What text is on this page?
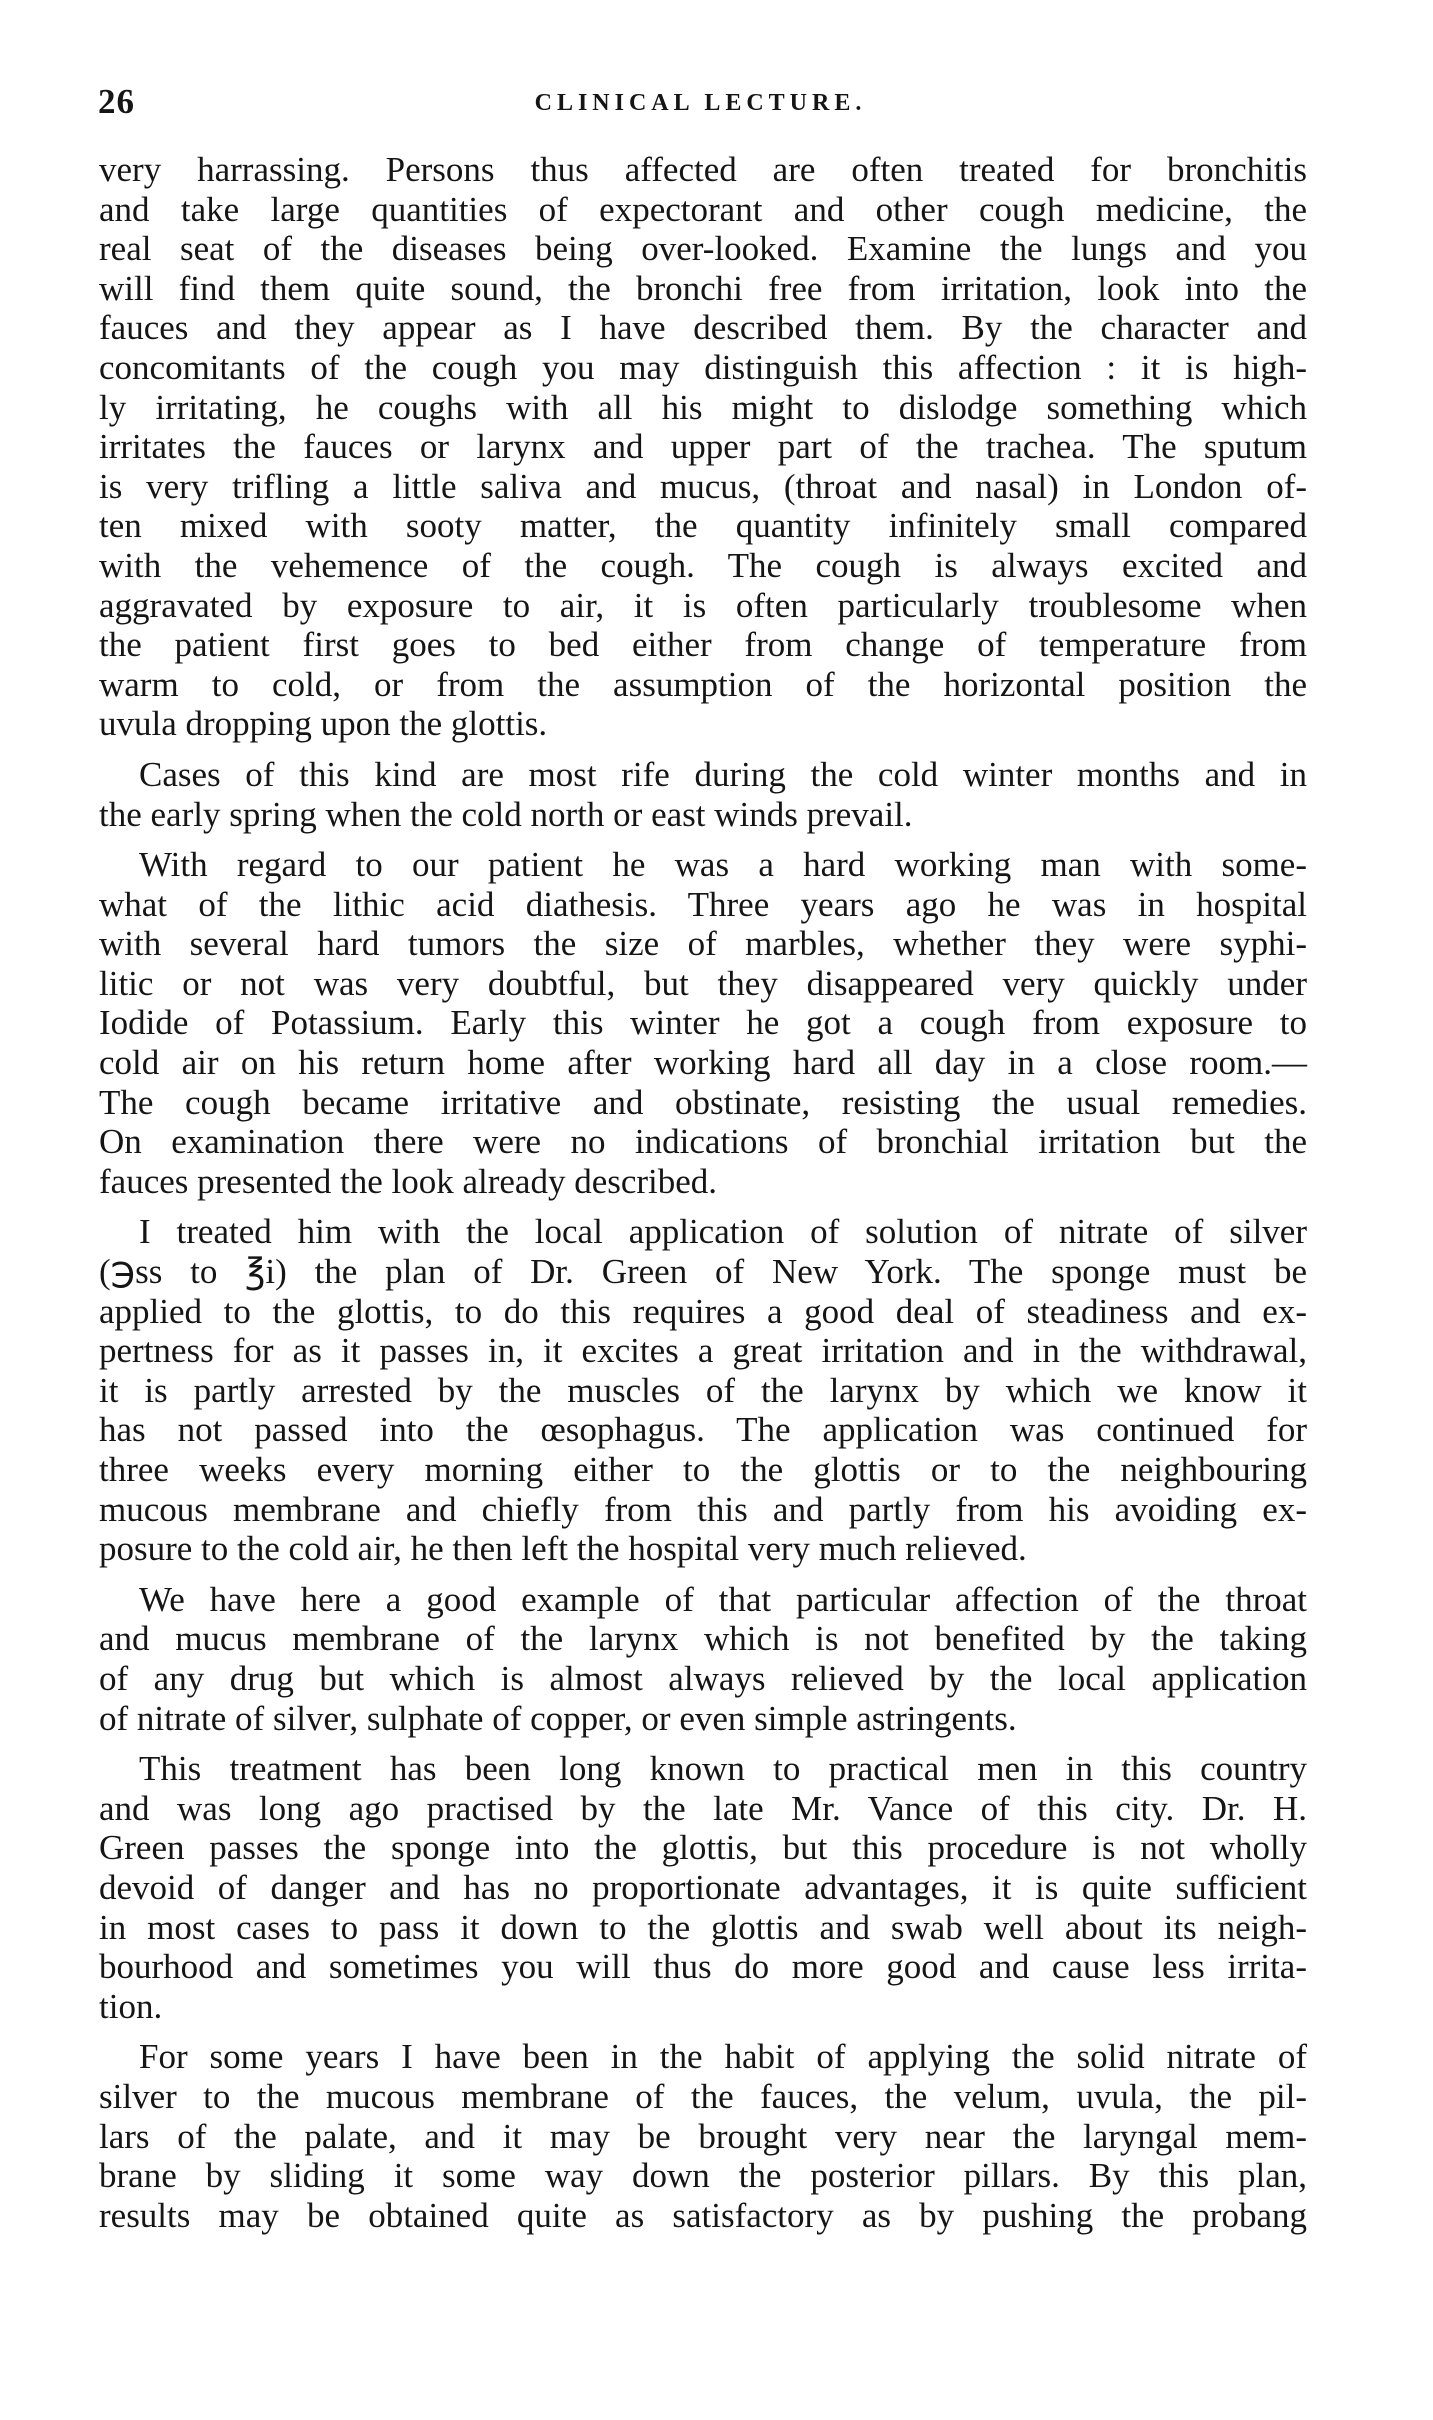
26	CLINICAL LECTURE.

very harrassing. Persons thus affected are often treated for bronchitis
and take large quantities of expectorant and other cough medicine, the
real seat of the diseases being over-looked. Examine the lungs and you
will find them quite sound, the bronchi free from irritation, look into the
fauces and they appear as I have described them. By the character and
concomitants of the cough you may distinguish this affection : it is high-
ly irritating, he coughs with all his might to dislodge something which
irritates the fauces or larynx and upper part of the trachea. The sputum
is very trifling a little saliva and mucus, (throat and nasal) in London of-
ten mixed with sooty matter, the quantity infinitely small compared
with the vehemence of the cough. The cough is always excited and
aggravated by exposure to air, it is often particularly troublesome when
the patient first goes to bed either from change of temperature from
warm to cold, or from the assumption of the horizontal position the
uvula dropping upon the glottis.

Cases of this kind are most rife during the cold winter months and in
the early spring when the cold north or east winds prevail.

With regard to our patient he was a hard working man with some-
what of the lithic acid diathesis. Three years ago he was in hospital
with several hard tumors the size of marbles, whether they were syphi-
litic or not was very doubtful, but they disappeared very quickly under
Iodide of Potassium. Early this winter he got a cough from exposure to
cold air on his return home after working hard all day in a close room.—
The cough became irritative and obstinate, resisting the usual remedies.
On examination there were no indications of bronchial irritation but the
fauces presented the look already described.

I treated him with the local application of solution of nitrate of silver
(℈ss to ℥i) the plan of Dr. Green of New York. The sponge must be
applied to the glottis, to do this requires a good deal of steadiness and ex-
pertness for as it passes in, it excites a great irritation and in the withdrawal,
it is partly arrested by the muscles of the larynx by which we know it
has not passed into the œsophagus. The application was continued for
three weeks every morning either to the glottis or to the neighbouring
mucous membrane and chiefly from this and partly from his avoiding ex-
posure to the cold air, he then left the hospital very much relieved.

We have here a good example of that particular affection of the throat
and mucus membrane of the larynx which is not benefited by the taking
of any drug but which is almost always relieved by the local application
of nitrate of silver, sulphate of copper, or even simple astringents.

This treatment has been long known to practical men in this country
and was long ago practised by the late Mr. Vance of this city. Dr. H.
Green passes the sponge into the glottis, but this procedure is not wholly
devoid of danger and has no proportionate advantages, it is quite sufficient
in most cases to pass it down to the glottis and swab well about its neigh-
bourhood and sometimes you will thus do more good and cause less irrita-
tion.

For some years I have been in the habit of applying the solid nitrate of
silver to the mucous membrane of the fauces, the velum, uvula, the pil-
lars of the palate, and it may be brought very near the laryngal mem-
brane by sliding it some way down the posterior pillars. By this plan,
results may be obtained quite as satisfactory as by pushing the probang
